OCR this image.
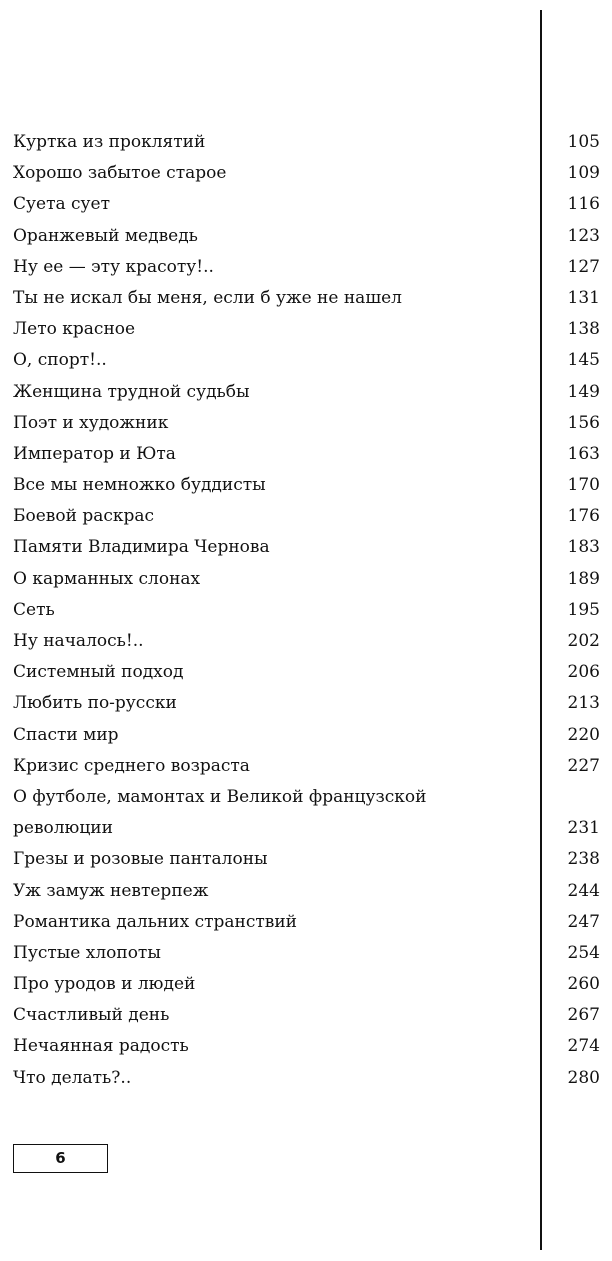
Куртка из проклятий	105
Хорошо забытое старое	109
Суета сует	116
Оранжевый медведь	123
Ну ее — эту красоту!..	127
Ты не искал бы меня, если б уже не нашел	131
Лето красное	138
О, спорт!..	145
Женщина трудной судьбы	149
Поэт и художник	156
Император и Юта	163
Все мы немножко буддисты	170
Боевой раскрас	176
Памяти Владимира Чернова	183
О карманных слонах	189
Сеть	195
Ну началось!..	202
Системный подход	206
Любить по-русски	213
Спасти мир	220
Кризис среднего возраста	227
О футболе, мамонтах и Великой французской
революции	231
Грезы и розовые панталоны	238
Уж замуж невтерпеж	244
Романтика дальних странствий	247
Пустые хлопоты	254
Про уродов и людей	260
Счастливый день	267
Нечаянная радость	274
Что делать?..	280
6
